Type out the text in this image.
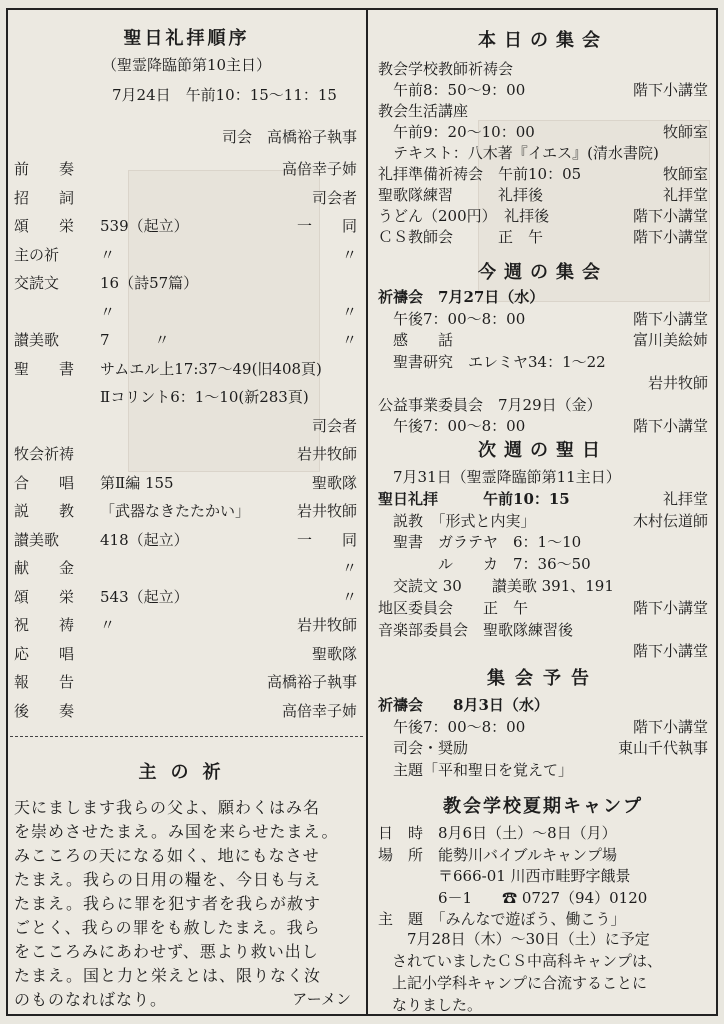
聖日礼拝順序
（聖霊降臨節第10主日）
7月24日　午前10：15～11：15
司会　高橋裕子執事
前　　奏	高倍幸子姉
招　　詞	司会者
頌　　栄 539（起立）	一　　同
主の祈	〃	〃
交読文	16（詩57篇）
〃	〃
讃美歌	7　　　〃	〃
聖　　書 サムエル上17:37～49(旧408頁)
Ⅱコリント6：1～10(新283頁)
司会者
牧会祈祷	岩井牧師
合　　唱 第Ⅱ編 155	聖歌隊
説　　教 「武器なきたたかい」	岩井牧師
讃美歌	418（起立）	一　　同
献　　金	〃
頌　　栄 543（起立）	〃
祝　　祷 〃	岩井牧師
応　　唱	聖歌隊
報　　告	高橋裕子執事
後　　奏	高倍幸子姉
主の祈
天にまします我らの父よ、願わくはみ名
を崇めさせたまえ。み国を来らせたまえ。
みこころの天になる如く、地にもなさせ
たまえ。我らの日用の糧を、今日も与え
たまえ。我らに罪を犯す者を我らが赦す
ごとく、我らの罪をも赦したまえ。我ら
をこころみにあわせず、悪より救い出し
たまえ。国と力と栄えとは、限りなく汝
のものなればなり。	アーメン
本日の集会
教会学校教師祈祷会
　午前8：50～9：00	階下小講堂
教会生活講座
　午前9：20～10：00	牧師室
　テキスト：八木著『イエス』(清水書院)
礼拝準備祈祷会　午前10：05	牧師室
聖歌隊練習　　　礼拝後	礼拝堂
うどん（200円）　礼拝後	階下小講堂
ＣＳ教師会　　　正　午	階下小講堂
今週の集会
祈禱会　7月27日（水）
　午後7：00～8：00	階下小講堂
　感　　話	富川美絵姉
　聖書研究　エレミヤ34：1～22
岩井牧師
公益事業委員会　7月29日（金）
　午後7：00～8：00	階下小講堂
次週の聖日
　7月31日（聖霊降臨節第11主日）
聖日礼拝　　　午前10：15	礼拝堂
　説教　「形式と内実」	木村伝道師
　聖書　ガラテヤ　6：1～10
　　　　ル　　カ　7：36～50
　交読文 30　　讃美歌 391、191
地区委員会　　正　午	階下小講堂
音楽部委員会　聖歌隊練習後
階下小講堂
集会予告
祈禱会　　8月3日（水）
　午後7：00～8：00	階下小講堂
　司会・奨励	東山千代執事
　主題「平和聖日を覚えて」
教会学校夏期キャンプ
日　時　8月6日（土）～8日（月）
場　所　能勢川バイブルキャンプ場
　　　　〒666-01 川西市畦野字餓景
　　　　6－1　　☎ 0727（94）0120
主　題　「みんなで遊ぼう、働こう」
　7月28日（木）～30日（土）に予定
されていましたＣＳ中高科キャンプは、
上記小学科キャンプに合流することに
なりました。
